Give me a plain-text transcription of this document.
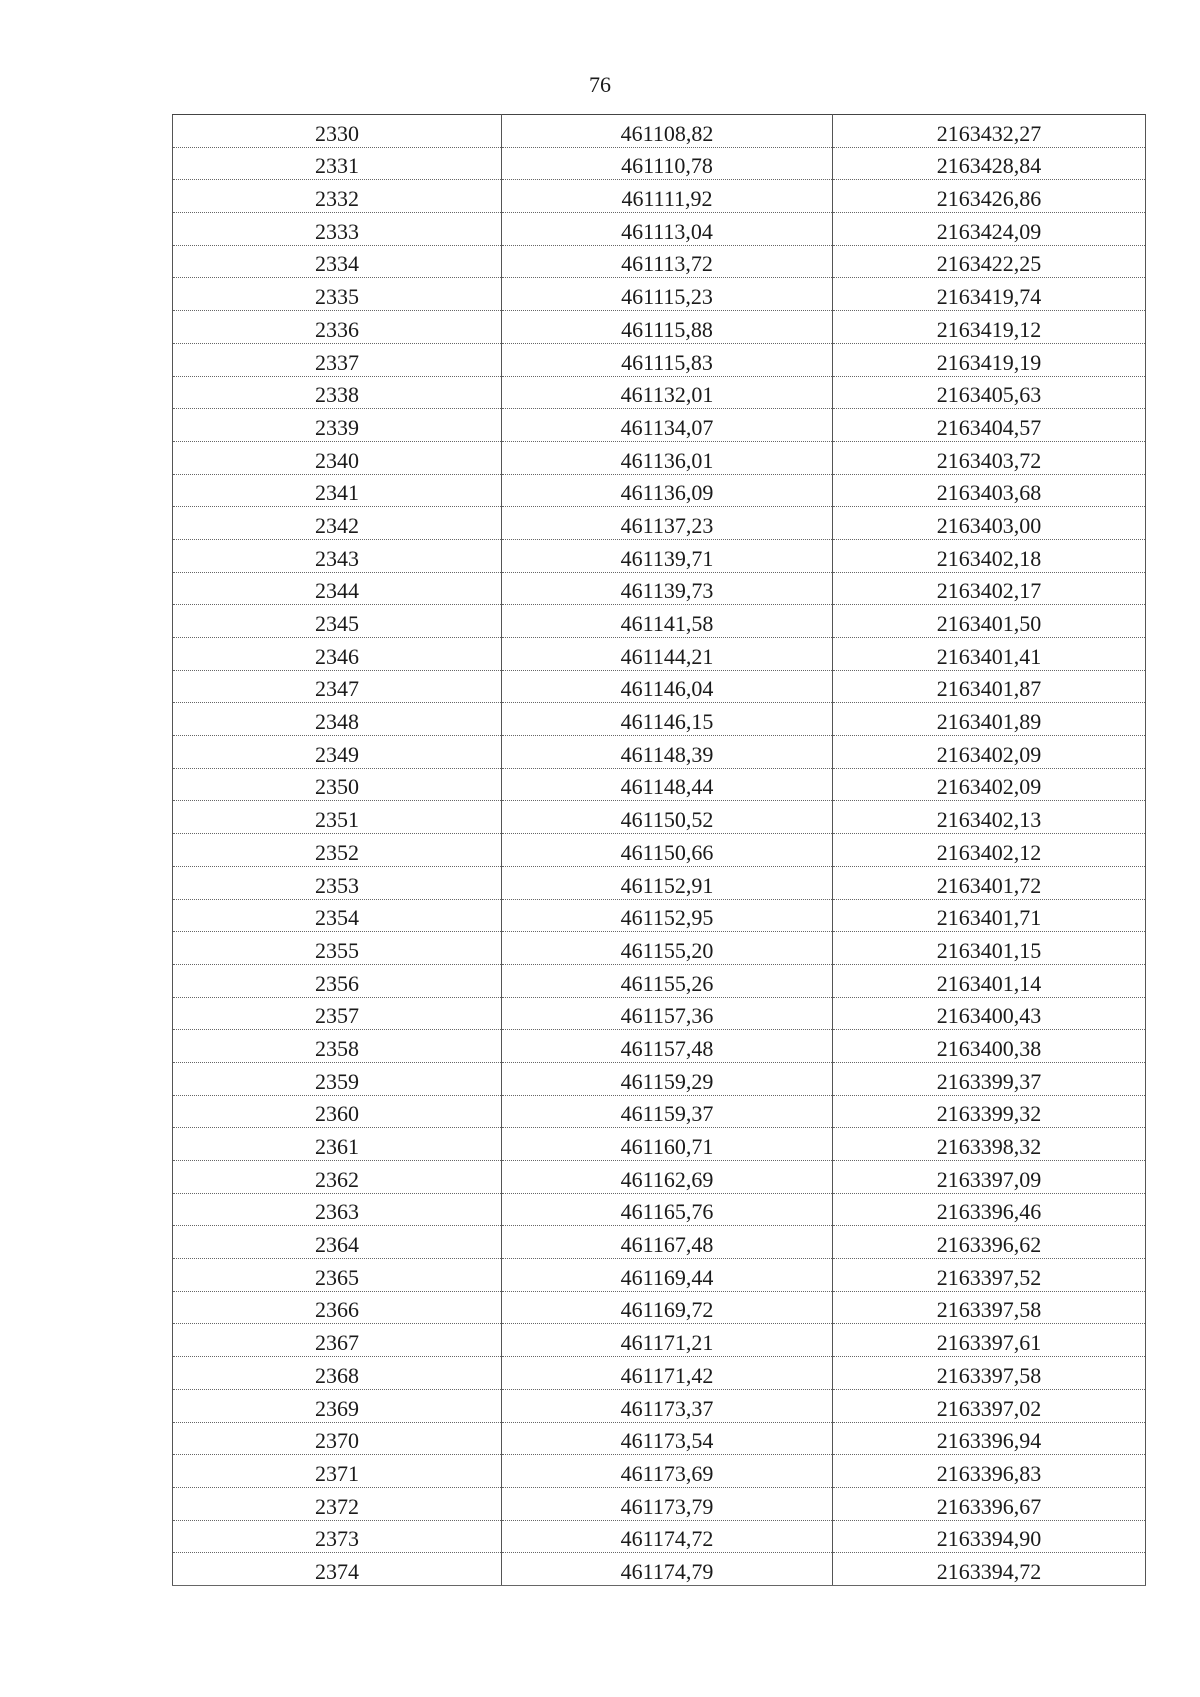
76
2330	461108,82	2163432,27
2331	461110,78	2163428,84
2332	461111,92	2163426,86
2333	461113,04	2163424,09
2334	461113,72	2163422,25
2335	461115,23	2163419,74
2336	461115,88	2163419,12
2337	461115,83	2163419,19
2338	461132,01	2163405,63
2339	461134,07	2163404,57
2340	461136,01	2163403,72
2341	461136,09	2163403,68
2342	461137,23	2163403,00
2343	461139,71	2163402,18
2344	461139,73	2163402,17
2345	461141,58	2163401,50
2346	461144,21	2163401,41
2347	461146,04	2163401,87
2348	461146,15	2163401,89
2349	461148,39	2163402,09
2350	461148,44	2163402,09
2351	461150,52	2163402,13
2352	461150,66	2163402,12
2353	461152,91	2163401,72
2354	461152,95	2163401,71
2355	461155,20	2163401,15
2356	461155,26	2163401,14
2357	461157,36	2163400,43
2358	461157,48	2163400,38
2359	461159,29	2163399,37
2360	461159,37	2163399,32
2361	461160,71	2163398,32
2362	461162,69	2163397,09
2363	461165,76	2163396,46
2364	461167,48	2163396,62
2365	461169,44	2163397,52
2366	461169,72	2163397,58
2367	461171,21	2163397,61
2368	461171,42	2163397,58
2369	461173,37	2163397,02
2370	461173,54	2163396,94
2371	461173,69	2163396,83
2372	461173,79	2163396,67
2373	461174,72	2163394,90
2374	461174,79	2163394,72
